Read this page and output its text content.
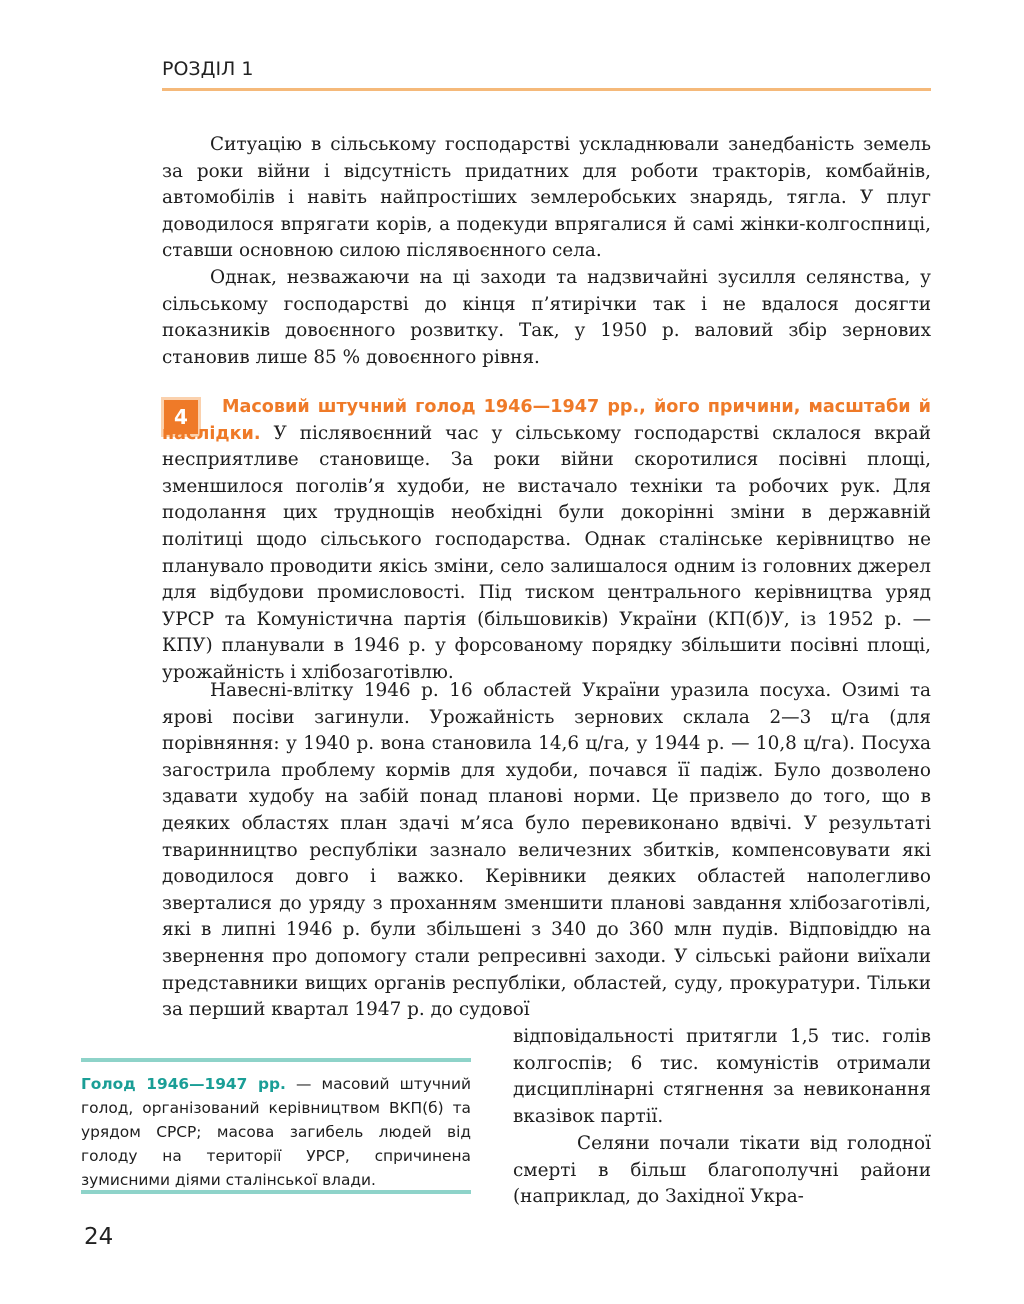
РОЗДІЛ 1

Ситуацію в сільському господарстві ускладнювали занедбаність земель за роки війни і відсутність придатних для роботи тракторів, комбайнів, автомобілів і навіть найпростіших землеробських знарядь, тягла. У плуг доводилося впрягати корів, а подекуди впрягалися й самі жінки-колгоспниці, ставши основною силою післявоєнного села.

Однак, незважаючи на ці заходи та надзвичайні зусилля селянства, у сільському господарстві до кінця п’ятирічки так і не вдалося досягти показників довоєнного розвитку. Так, у 1950 р. валовий збір зернових становив лише 85 % довоєнного рівня.

4	Масовий штучний голод 1946—1947 рр., його причини, масштаби й наслідки. У післявоєнний час у сільському господарстві склалося вкрай несприятливе становище. За роки війни скоротилися посівні площі, зменшилося поголів’я худоби, не вистачало техніки та робочих рук. Для подолання цих труднощів необхідні були докорінні зміни в державній політиці щодо сільського господарства. Однак сталінське керівництво не планувало проводити якісь зміни, село залишалося одним із головних джерел для відбудови промисловості. Під тиском центрального керівництва уряд УРСР та Комуністична партія (більшовиків) України (КП(б)У, із 1952 р. — КПУ) планували в 1946 р. у форсованому порядку збільшити посівні площі, урожайність і хлібозаготівлю.

Навесні-влітку 1946 р. 16 областей України уразила посуха. Озимі та ярові посіви загинули. Урожайність зернових склала 2—3 ц/га (для порівняння: у 1940 р. вона становила 14,6 ц/га, у 1944 р. — 10,8 ц/га). Посуха загострила проблему кормів для худоби, почався її падіж. Було дозволено здавати худобу на забій понад планові норми. Це призвело до того, що в деяких областях план здачі м’яса було перевиконано вдвічі. У результаті тваринництво республіки зазнало величезних збитків, компенсовувати які доводилося довго і важко. Керівники деяких областей наполегливо зверталися до уряду з проханням зменшити планові завдання хлібозаготівлі, які в липні 1946 р. були збільшені з 340 до 360 млн пудів. Відповіддю на звернення про допомогу стали репресивні заходи. У сільські райони виїхали представники вищих органів республіки, областей, суду, прокуратури. Тільки за перший квартал 1947 р. до судової

відповідальності притягли 1,5 тис. голів колгоспів; 6 тис. комуністів отримали дисциплінарні стягнення за невиконання вказівок партії.

Селяни почали тікати від голодної смерті в більш благополучні райони (наприклад, до Західної Укра-

Голод 1946—1947 рр. — масовий штучний голод, організований керівництвом ВКП(б) та урядом СРСР; масова загибель людей від голоду на території УРСР, спричинена зумисними діями сталінської влади.

24
